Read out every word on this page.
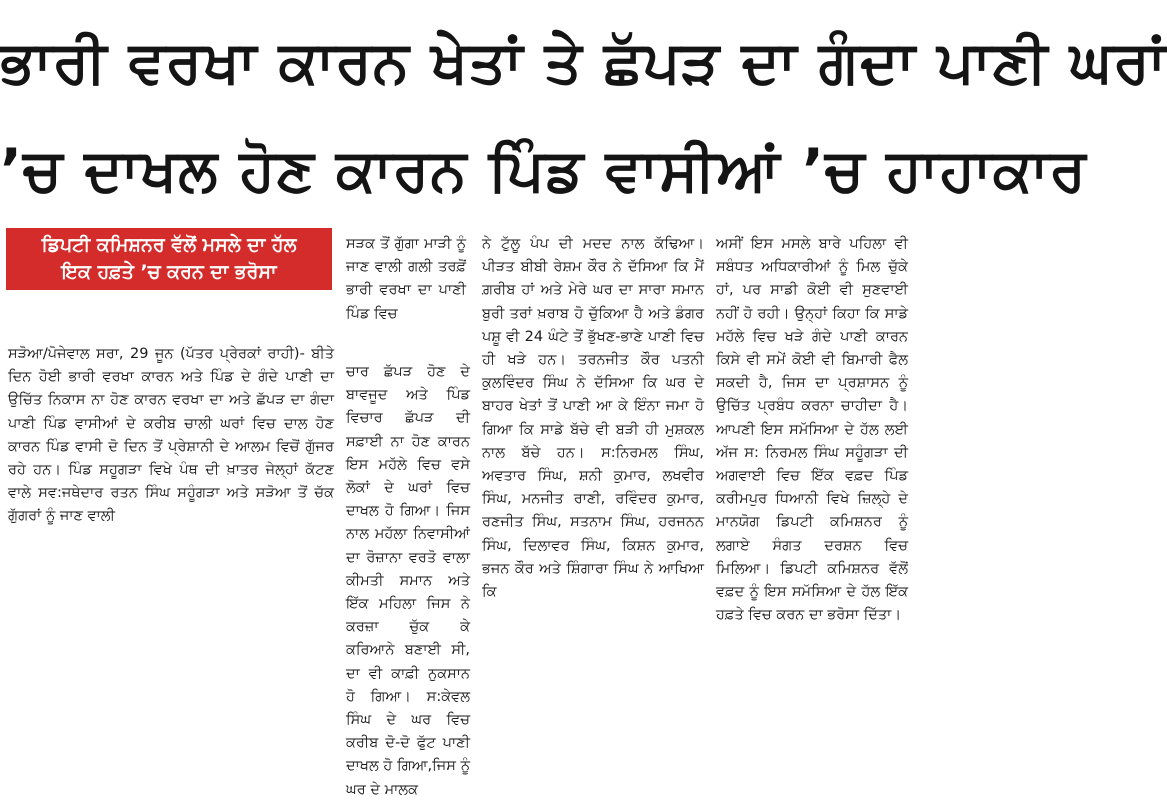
ਭਾਰੀ ਵਰਖਾ ਕਾਰਨ ਖੇਤਾਂ ਤੇ ਛੱਪੜ ਦਾ ਗੰਦਾ ਪਾਣੀ ਘਰਾਂ
’ਚ ਦਾਖਲ ਹੋਣ ਕਾਰਨ ਪਿੰਡ ਵਾਸੀਆਂ ’ਚ ਹਾਹਾਕਾਰ
ਡਿਪਟੀ ਕਮਿਸ਼ਨਰ ਵੱਲੋਂ ਮਸਲੇ ਦਾ ਹੱਲ
ਇਕ ਹਫ਼ਤੇ ’ਚ ਕਰਨ ਦਾ ਭਰੋਸਾ

ਸੜੋਆ/ਪੋਜੇਵਾਲ ਸਰਾ, 29 ਜੂਨ (ਪੱਤਰ ਪ੍ਰੇਰਕਾਂ ਰਾਹੀ)- ਬੀਤੇ ਦਿਨ ਹੋਈ ਭਾਰੀ ਵਰਖਾ ਕਾਰਨ ਅਤੇ ਪਿੰਡ ਦੇ ਗੰਦੇ ਪਾਣੀ ਦਾ ਉਚਿੱਤ ਨਿਕਾਸ ਨਾ ਹੋਣ ਕਾਰਨ ਵਰਖਾ ਦਾ ਅਤੇ ਛੱਪੜ ਦਾ ਗੰਦਾ ਪਾਣੀ ਪਿੰਡ ਵਾਸੀਆਂ ਦੇ ਕਰੀਬ ਚਾਲੀ ਘਰਾਂ ਵਿਚ ਦਾਲ ਹੋਣ ਕਾਰਨ ਪਿੰਡ ਵਾਸੀ ਦੋ ਦਿਨ ਤੋਂ ਪ੍ਰੇਸ਼ਾਨੀ ਦੇ ਆਲਮ ਵਿਚੋਂ ਗੁੱਜਰ ਰਹੇ ਹਨ। ਪਿੰਡ ਸਹੂਗੜਾ ਵਿਖੇ ਪੰਥ ਦੀ ਖ਼ਾਤਰ ਜੇਲ੍ਹਾਂ ਕੱਟਣ ਵਾਲੇ ਸਵ:ਜਥੇਦਾਰ ਰਤਨ ਸਿੰਘ ਸਹੂੰਗੜਾ ਅਤੇ ਸੜੋਆ ਤੋਂ ਚੱਕ ਗੁੱਗਰਾਂ ਨੂੰ ਜਾਣ ਵਾਲੀ

ਸੜਕ ਤੋਂ ਗੁੱਗਾ ਮਾੜੀ ਨੂੰ ਜਾਣ ਵਾਲੀ ਗਲੀ ਤਰਫ਼ੋਂ ਭਾਰੀ ਵਰਖਾ ਦਾ ਪਾਣੀ ਪਿੰਡ ਵਿਚ

ਚਾਰ ਛੱਪੜ ਹੋਣ ਦੇ ਬਾਵਜੂਦ ਅਤੇ ਪਿੰਡ ਵਿਚਾਰ ਛੱਪੜ ਦੀ ਸਫ਼ਾਈ ਨਾ ਹੋਣ ਕਾਰਨ ਇਸ ਮਹੱਲੇ ਵਿਚ ਵਸੇ ਲੋਕਾਂ ਦੇ ਘਰਾਂ ਵਿਚ ਦਾਖਲ ਹੋ ਗਿਆ। ਜਿਸ ਨਾਲ ਮਹੱਲਾ ਨਿਵਾਸੀਆਂ ਦਾ ਰੋਜ਼ਾਨਾ ਵਰਤੋ ਵਾਲਾ ਕੀਮਤੀ ਸਮਾਨ ਅਤੇ ਇੱਕ ਮਹਿਲਾ ਜਿਸ ਨੇ ਕਰਜ਼ਾ ਚੁੱਕ ਕੇ ਕਰਿਆਨੇ ਬਣਾਈ ਸੀ, ਦਾ ਵੀ ਕਾਫ਼ੀ ਨੁਕਸਾਨ ਹੋ ਗਿਆ। ਸ:ਕੇਵਲ ਸਿੰਘ ਦੇ ਘਰ ਵਿਚ ਕਰੀਬ ਦੋ-ਦੋ ਫੁੱਟ ਪਾਣੀ ਦਾਖਲ ਹੋ ਗਿਆ,ਜਿਸ ਨੂੰ ਘਰ ਦੇ ਮਾਲਕ

ਨੇ ਟੁੱਲੂ ਪੰਪ ਦੀ ਮਦਦ ਨਾਲ ਕੱਢਿਆ। ਪੀੜਤ ਬੀਬੀ ਰੇਸ਼ਮ ਕੌਰ ਨੇ ਦੱਸਿਆ ਕਿ ਮੈਂ ਗ਼ਰੀਬ ਹਾਂ ਅਤੇ ਮੇਰੇ ਘਰ ਦਾ ਸਾਰਾ ਸਮਾਨ ਬੁਰੀ ਤਰਾਂ ਖ਼ਰਾਬ ਹੋ ਚੁੱਕਿਆ ਹੈ ਅਤੇ ਡੰਗਰ ਪਸ਼ੂ ਵੀ 24 ਘੰਟੇ ਤੋਂ ਭੁੱਖਣ-ਭਾਣੇ ਪਾਣੀ ਵਿਚ ਹੀ ਖੜੇ ਹਨ। ਤਰਨਜੀਤ ਕੌਰ ਪਤਨੀ ਕੁਲਵਿੰਦਰ ਸਿੰਘ ਨੇ ਦੱਸਿਆ ਕਿ ਘਰ ਦੇ ਬਾਹਰ ਖੇਤਾਂ ਤੋਂ ਪਾਣੀ ਆ ਕੇ ਇੰਨਾ ਜਮਾ ਹੋ ਗਿਆ ਕਿ ਸਾਡੇ ਬੱਚੇ ਵੀ ਬੜੀ ਹੀ ਮੁਸ਼ਕਲ ਨਾਲ ਬੱਚੇ ਹਨ। ਸ:ਨਿਰਮਲ ਸਿੰਘ, ਅਵਤਾਰ ਸਿੰਘ, ਸ਼ਨੀ ਕੁਮਾਰ, ਲਖਵੀਰ ਸਿੰਘ, ਮਨਜੀਤ ਰਾਣੀ, ਰਵਿੰਦਰ ਕੁਮਾਰ, ਰਣਜੀਤ ਸਿੰਘ, ਸਤਨਾਮ ਸਿੰਘ, ਹਰਜਨਨ ਸਿੰਘ, ਦਿਲਾਵਰ ਸਿੰਘ, ਕਿਸ਼ਨ ਕੁਮਾਰ, ਭਜਨ ਕੌਰ ਅਤੇ ਸ਼ਿੰਗਾਰਾ ਸਿੰਘ ਨੇ ਆਖਿਆ ਕਿ

ਅਸੀਂ ਇਸ ਮਸਲੇ ਬਾਰੇ ਪਹਿਲਾ ਵੀ ਸਬੰਧਤ ਅਧਿਕਾਰੀਆਂ ਨੂੰ ਮਿਲ ਚੁੱਕੇ ਹਾਂ, ਪਰ ਸਾਡੀ ਕੋਈ ਵੀ ਸੁਣਵਾਈ ਨਹੀਂ ਹੋ ਰਹੀ। ਉਨ੍ਹਾਂ ਕਿਹਾ ਕਿ ਸਾਡੇ ਮਹੱਲੇ ਵਿਚ ਖੜੇ ਗੰਦੇ ਪਾਣੀ ਕਾਰਨ ਕਿਸੇ ਵੀ ਸਮੇਂ ਕੋਈ ਵੀ ਬਿਮਾਰੀ ਫੈਲ ਸਕਦੀ ਹੈ, ਜਿਸ ਦਾ ਪ੍ਰਸ਼ਾਸਨ ਨੂੰ ਉਚਿੱਤ ਪ੍ਰਬੰਧ ਕਰਨਾ ਚਾਹੀਦਾ ਹੈ। ਆਪਣੀ ਇਸ ਸਮੱਸਿਆ ਦੇ ਹੱਲ ਲਈ ਅੱਜ ਸ: ਨਿਰਮਲ ਸਿੰਘ ਸਹੂੰਗੜਾ ਦੀ ਅਗਵਾਈ ਵਿਚ ਇੱਕ ਵਫ਼ਦ ਪਿੰਡ ਕਰੀਮਪੁਰ ਧਿਆਨੀ ਵਿਖੇ ਜ਼ਿਲ੍ਹੇ ਦੇ ਮਾਨਯੋਗ ਡਿਪਟੀ ਕਮਿਸ਼ਨਰ ਨੂੰ ਲਗਾਏ ਸੰਗਤ ਦਰਸ਼ਨ ਵਿਚ ਮਿਲਿਆ। ਡਿਪਟੀ ਕਮਿਸ਼ਨਰ ਵੱਲੋਂ ਵਫ਼ਦ ਨੂੰ ਇਸ ਸਮੱਸਿਆ ਦੇ ਹੱਲ ਇੱਕ ਹਫ਼ਤੇ ਵਿਚ ਕਰਨ ਦਾ ਭਰੋਸਾ ਦਿੱਤਾ।
